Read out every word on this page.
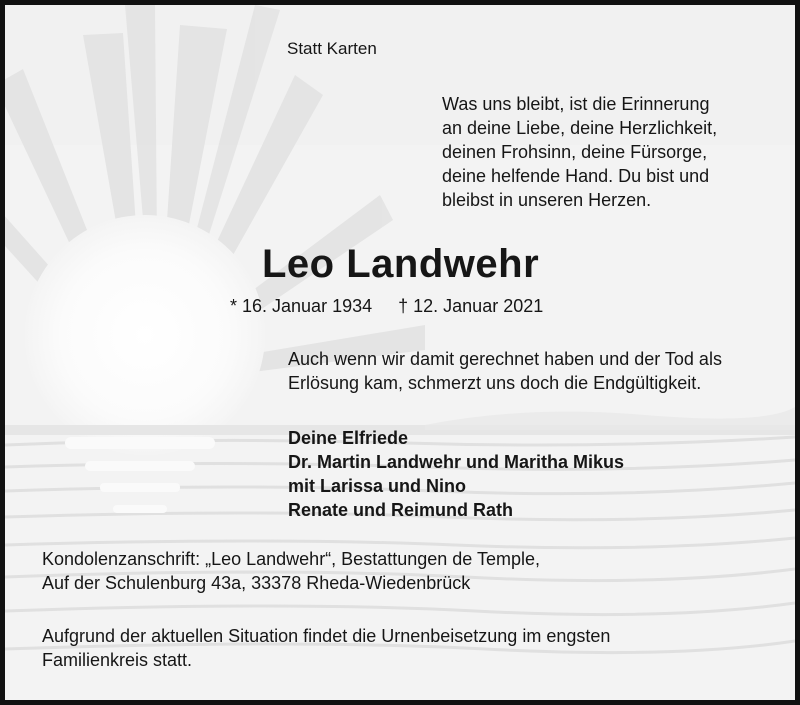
Statt Karten
Was uns bleibt, ist die Erinnerung
an deine Liebe, deine Herzlichkeit,
deinen Frohsinn, deine Fürsorge,
deine helfende Hand. Du bist und
bleibst in unseren Herzen.
Leo Landwehr
* 16. Januar 1934 † 12. Januar 2021
Auch wenn wir damit gerechnet haben und der Tod als
Erlösung kam, schmerzt uns doch die Endgültigkeit.
Deine Elfriede
Dr. Martin Landwehr und Maritha Mikus
mit Larissa und Nino
Renate und Reimund Rath
Kondolenzanschrift: „Leo Landwehr“, Bestattungen de Temple,
Auf der Schulenburg 43a, 33378 Rheda-Wiedenbrück
Aufgrund der aktuellen Situation findet die Urnenbeisetzung im engsten
Familienkreis statt.
